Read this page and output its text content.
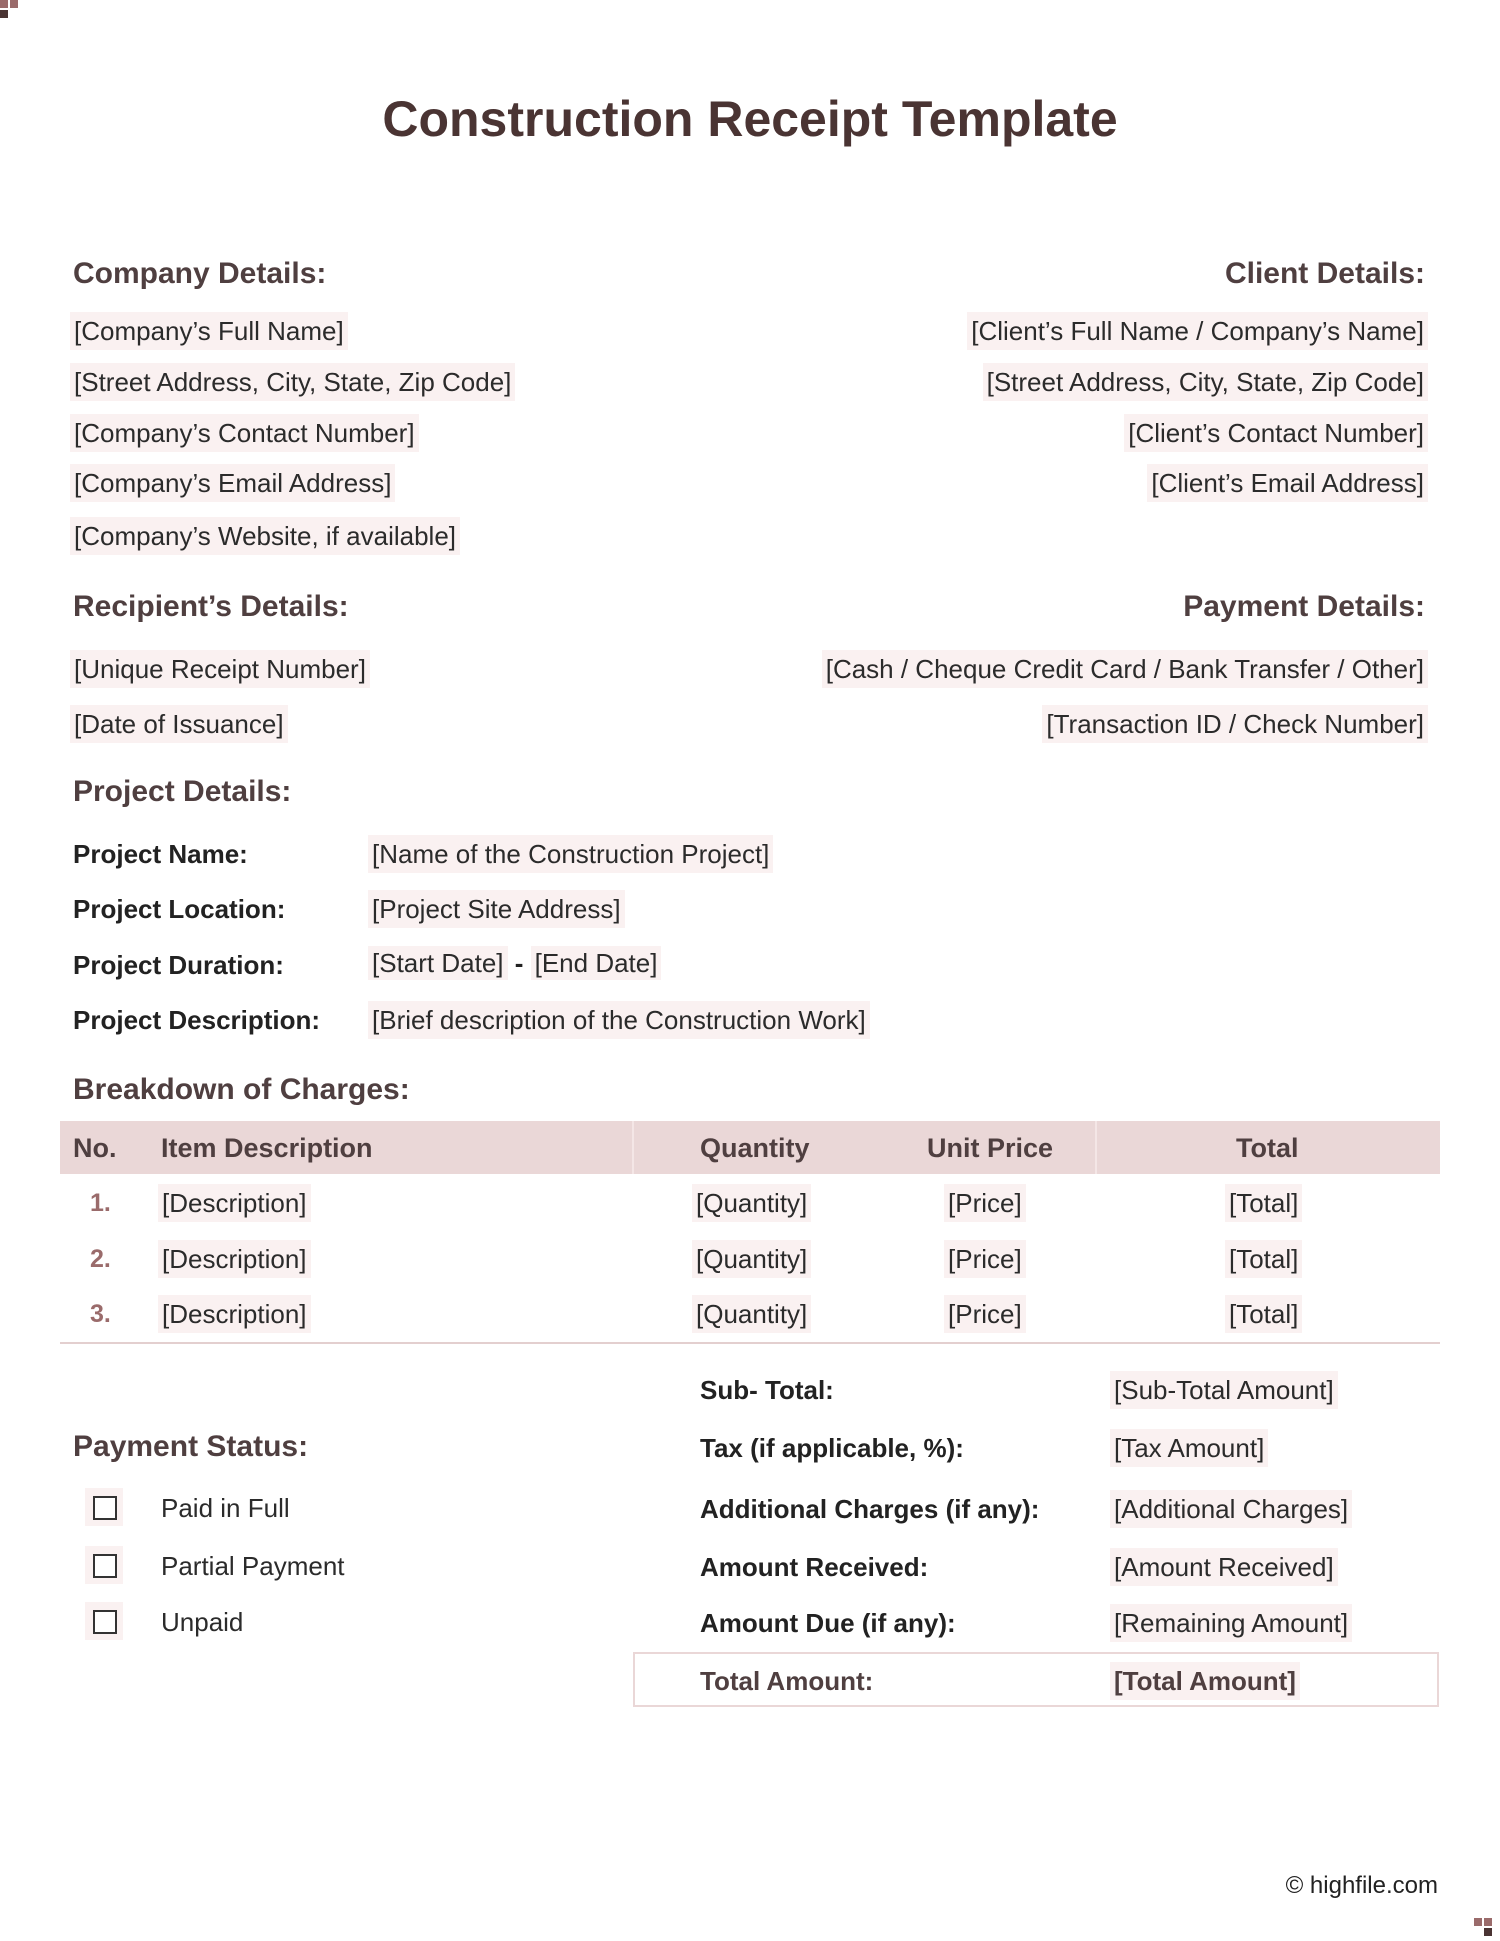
Construction Receipt Template
Company Details:
[Company’s Full Name]
[Street Address, City, State, Zip Code]
[Company’s Contact Number]
[Company’s Email Address]
[Company’s Website, if available]
Client Details:
[Client’s Full Name / Company’s Name]
[Street Address, City, State, Zip Code]
[Client’s Contact Number]
[Client’s Email Address]
Recipient’s Details:
[Unique Receipt Number]
[Date of Issuance]
Payment Details:
[Cash / Cheque Credit Card / Bank Transfer / Other]
[Transaction ID / Check Number]
Project Details:
Project Name:	[Name of the Construction Project]
Project Location:	[Project Site Address]
Project Duration:	[Start Date] - [End Date]
Project Description: [Brief description of the Construction Work]
Breakdown of Charges:
No. Item Description	Quantity	Unit Price	Total
1. [Description]	[Quantity]	[Price]	[Total]
2. [Description]	[Quantity]	[Price]	[Total]
3. [Description]	[Quantity]	[Price]	[Total]
Sub- Total:	[Sub-Total Amount]
Tax (if applicable, %):	[Tax Amount]
Additional Charges (if any):	[Additional Charges]
Amount Received:	[Amount Received]
Amount Due (if any):	[Remaining Amount]
Total Amount:	[Total Amount]
Payment Status:
Paid in Full
Partial Payment
Unpaid
© highfile.com
